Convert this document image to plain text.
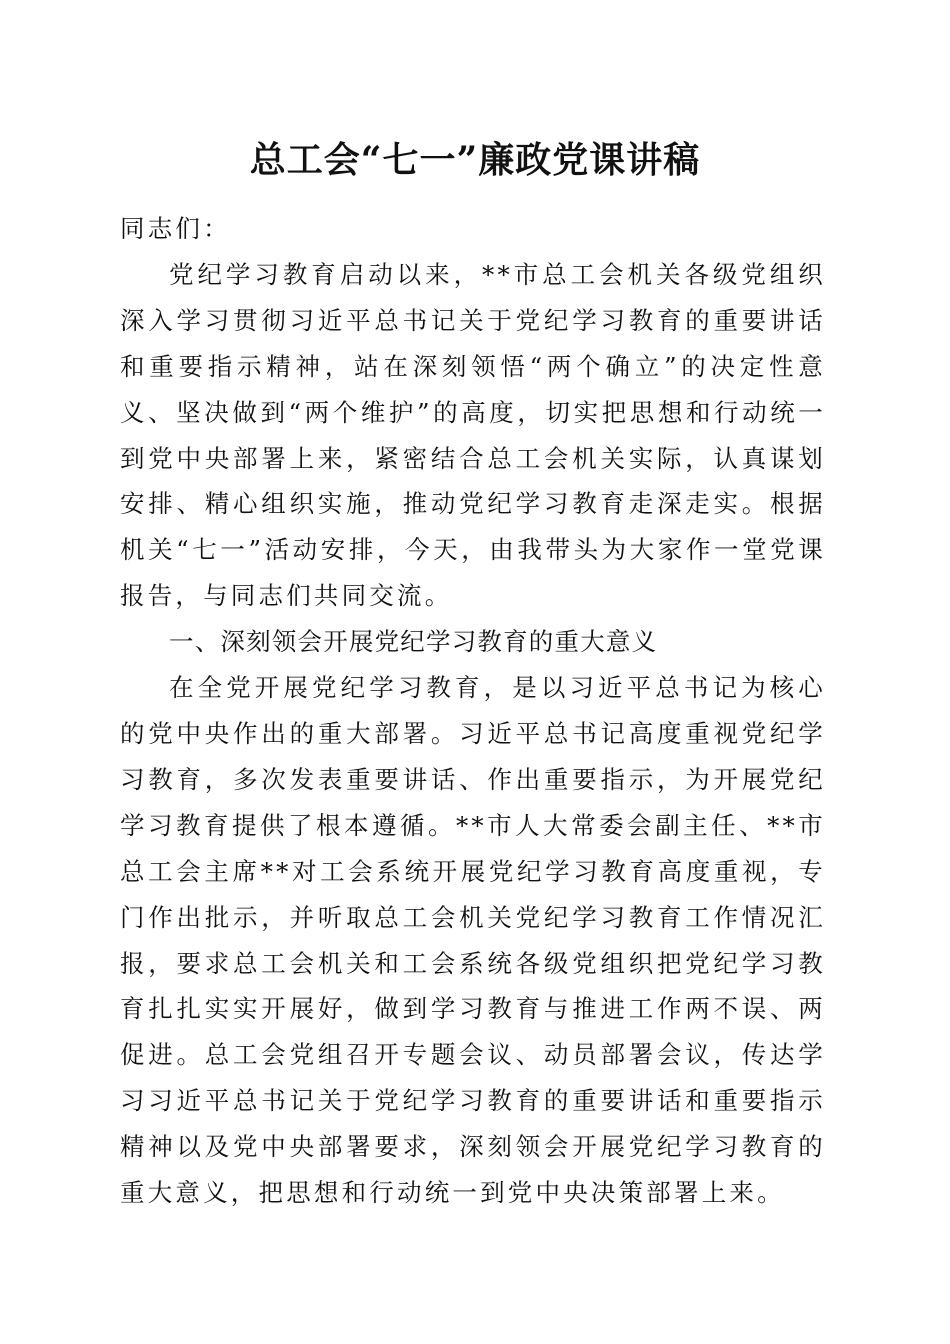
总工会“七一”廉政党课讲稿

同志们：

党纪学习教育启动以来，**市总工会机关各级党组织深入学习贯彻习近平总书记关于党纪学习教育的重要讲话和重要指示精神，站在深刻领悟“两个确立”的决定性意义、坚决做到“两个维护”的高度，切实把思想和行动统一到党中央部署上来，紧密结合总工会机关实际，认真谋划安排、精心组织实施，推动党纪学习教育走深走实。根据机关“七一”活动安排，今天，由我带头为大家作一堂党课报告，与同志们共同交流。

一、深刻领会开展党纪学习教育的重大意义

在全党开展党纪学习教育，是以习近平总书记为核心的党中央作出的重大部署。习近平总书记高度重视党纪学习教育，多次发表重要讲话、作出重要指示，为开展党纪学习教育提供了根本遵循。**市人大常委会副主任、**市总工会主席**对工会系统开展党纪学习教育高度重视，专门作出批示，并听取总工会机关党纪学习教育工作情况汇报，要求总工会机关和工会系统各级党组织把党纪学习教育扎扎实实开展好，做到学习教育与推进工作两不误、两促进。总工会党组召开专题会议、动员部署会议，传达学习习近平总书记关于党纪学习教育的重要讲话和重要指示精神以及党中央部署要求，深刻领会开展党纪学习教育的重大意义，把思想和行动统一到党中央决策部署上来。
